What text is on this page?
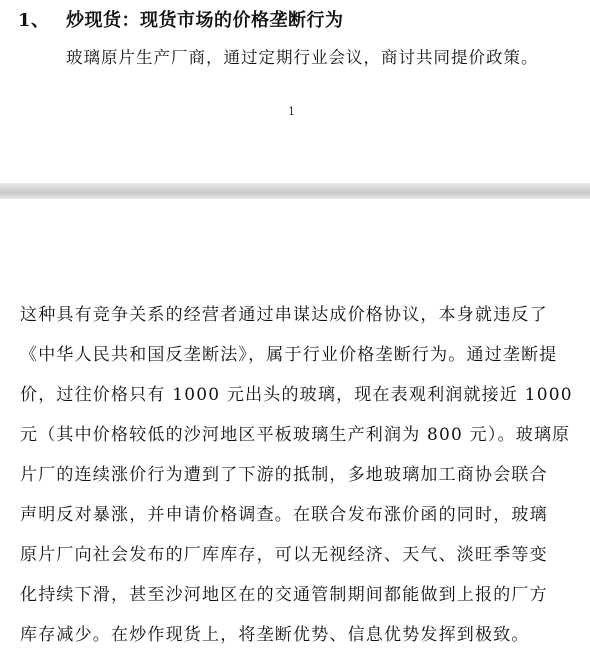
1、 炒现货：现货市场的价格垄断行为
玻璃原片生产厂商，通过定期行业会议，商讨共同提价政策。
1
这种具有竞争关系的经营者通过串谋达成价格协议，本身就违反了
《中华人民共和国反垄断法》，属于行业价格垄断行为。通过垄断提
价，过往价格只有 1000 元出头的玻璃，现在表观利润就接近 1000
元（其中价格较低的沙河地区平板玻璃生产利润为 800 元）。玻璃原
片厂的连续涨价行为遭到了下游的抵制，多地玻璃加工商协会联合
声明反对暴涨，并申请价格调查。在联合发布涨价函的同时，玻璃
原片厂向社会发布的厂库库存，可以无视经济、天气、淡旺季等变
化持续下滑，甚至沙河地区在的交通管制期间都能做到上报的厂方
库存减少。在炒作现货上，将垄断优势、信息优势发挥到极致。
